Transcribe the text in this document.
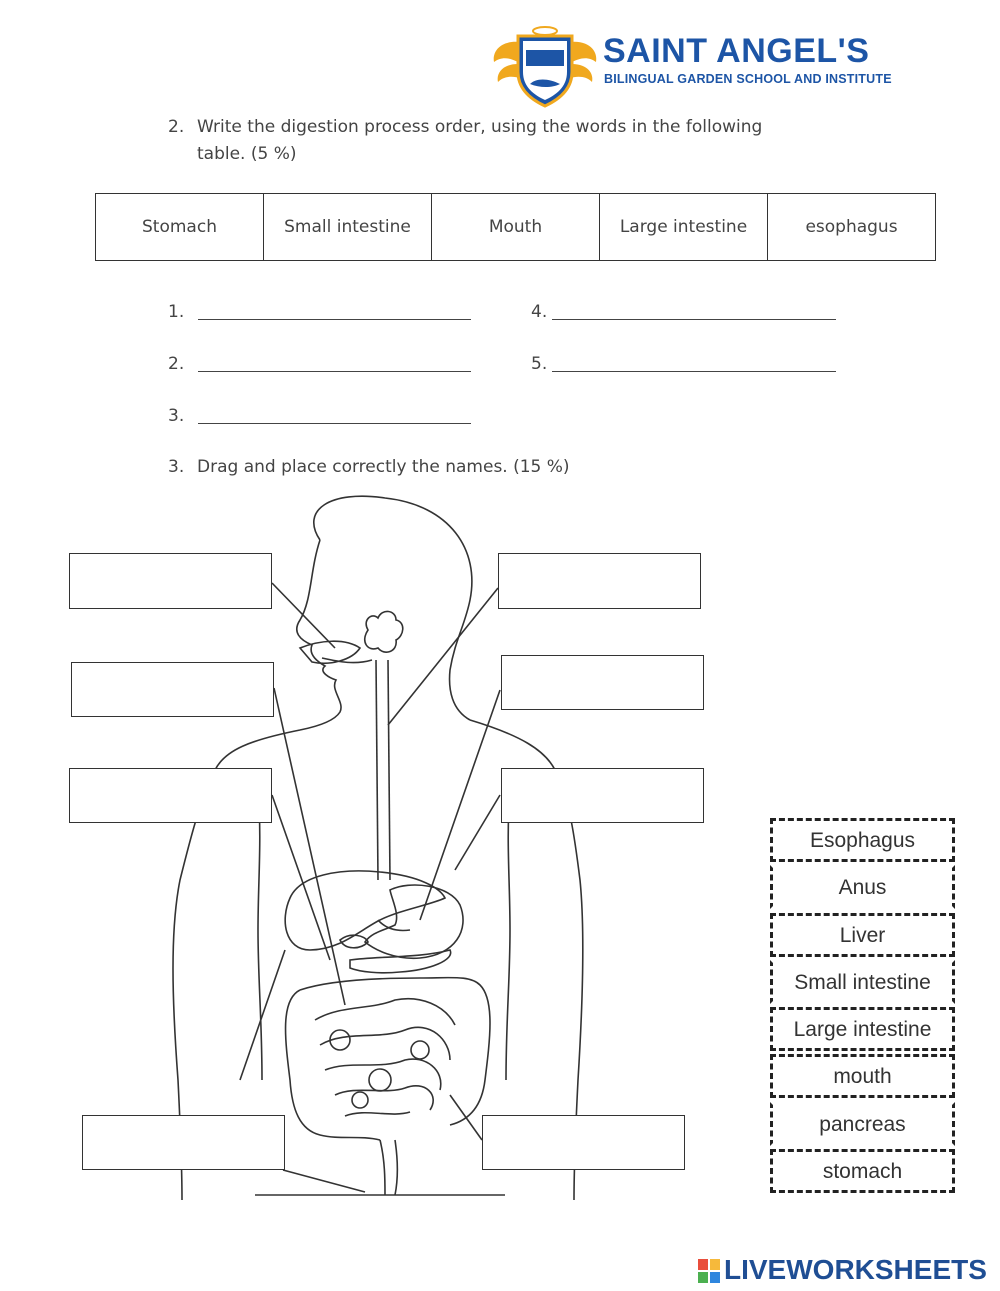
SAINT ANGEL'S
BILINGUAL GARDEN SCHOOL AND INSTITUTE
2. Write the digestion process order, using the words in the following
table. (5 %)
Stomach	Small intestine	Mouth	Large intestine	esophagus
1.
2.
3.
4.
5.
3. Drag and place correctly the names. (15 %)
Esophagus
Anus
Liver
Small intestine
Large intestine
mouth
pancreas
stomach
LIVEWORKSHEETS
